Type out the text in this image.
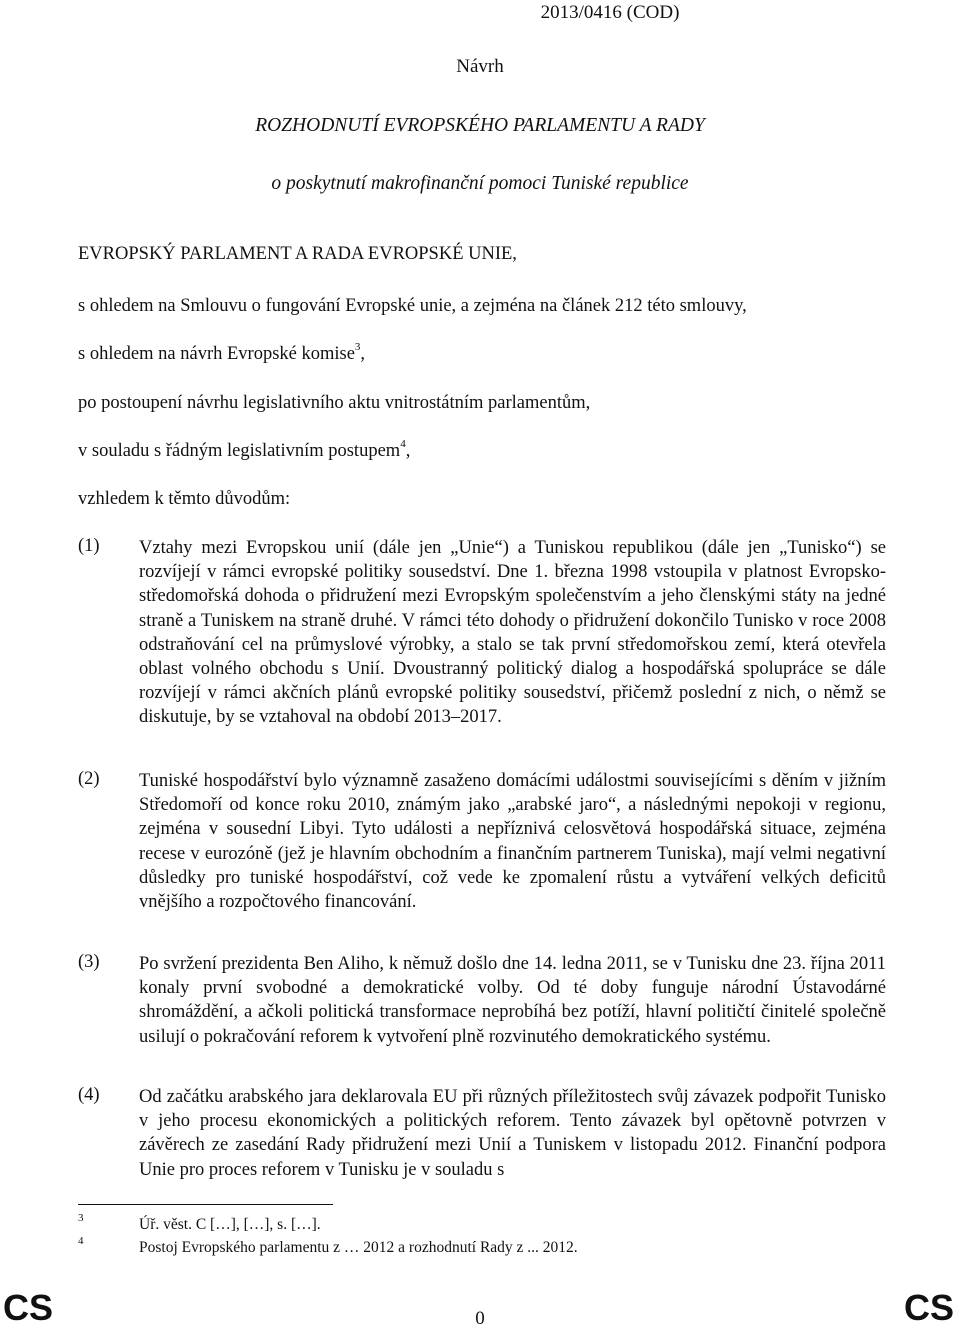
2013/0416 (COD)
Návrh
ROZHODNUTÍ EVROPSKÉHO PARLAMENTU A RADY
o poskytnutí makrofinanční pomoci Tuniské republice
EVROPSKÝ PARLAMENT A RADA EVROPSKÉ UNIE,
s ohledem na Smlouvu o fungování Evropské unie, a zejména na článek 212 této smlouvy,
s ohledem na návrh Evropské komise$^3$,
po postoupení návrhu legislativního aktu vnitrostátním parlamentům,
v souladu s řádným legislativním postupem$^4$,
vzhledem k těmto důvodům:
(1) Vztahy mezi Evropskou unií (dále jen „Unie“) a Tuniskou republikou (dále jen „Tunisko“) se rozvíjejí v rámci evropské politiky sousedství. Dne 1. března 1998 vstoupila v platnost Evropsko-středomořská dohoda o přidružení mezi Evropským společenstvím a jeho členskými státy na jedné straně a Tuniskem na straně druhé. V rámci této dohody o přidružení dokončilo Tunisko v roce 2008 odstraňování cel na průmyslové výrobky, a stalo se tak první středomořskou zemí, která otevřela oblast volného obchodu s Unií. Dvoustranný politický dialog a hospodářská spolupráce se dále rozvíjejí v rámci akčních plánů evropské politiky sousedství, přičemž poslední z nich, o němž se diskutuje, by se vztahoval na období 2013–2017.
(2) Tuniské hospodářství bylo významně zasaženo domácími událostmi souvisejícími s děním v jižním Středomoří od konce roku 2010, známým jako „arabské jaro“, a následnými nepokoji v regionu, zejména v sousední Libyi. Tyto události a nepříznivá celosvětová hospodářská situace, zejména recese v eurozóně (jež je hlavním obchodním a finančním partnerem Tuniska), mají velmi negativní důsledky pro tuniské hospodářství, což vede ke zpomalení růstu a vytváření velkých deficitů vnějšího a rozpočtového financování.
(3) Po svržení prezidenta Ben Aliho, k němuž došlo dne 14. ledna 2011, se v Tunisku dne 23. října 2011 konaly první svobodné a demokratické volby. Od té doby funguje národní Ústavodárné shromáždění, a ačkoli politická transformace neprobíhá bez potíží, hlavní političtí činitelé společně usilují o pokračování reforem k vytvoření plně rozvinutého demokratického systému.
(4) Od začátku arabského jara deklarovala EU při různých příležitostech svůj závazek podpořit Tunisko v jeho procesu ekonomických a politických reforem. Tento závazek byl opětovně potvrzen v závěrech ze zasedání Rady přidružení mezi Unií a Tuniskem v listopadu 2012. Finanční podpora Unie pro proces reforem v Tunisku je v souladu s
3	Úř. věst. C […], […], s. […].
4	Postoj Evropského parlamentu z … 2012 a rozhodnutí Rady z ... 2012.
CS	0	CS
